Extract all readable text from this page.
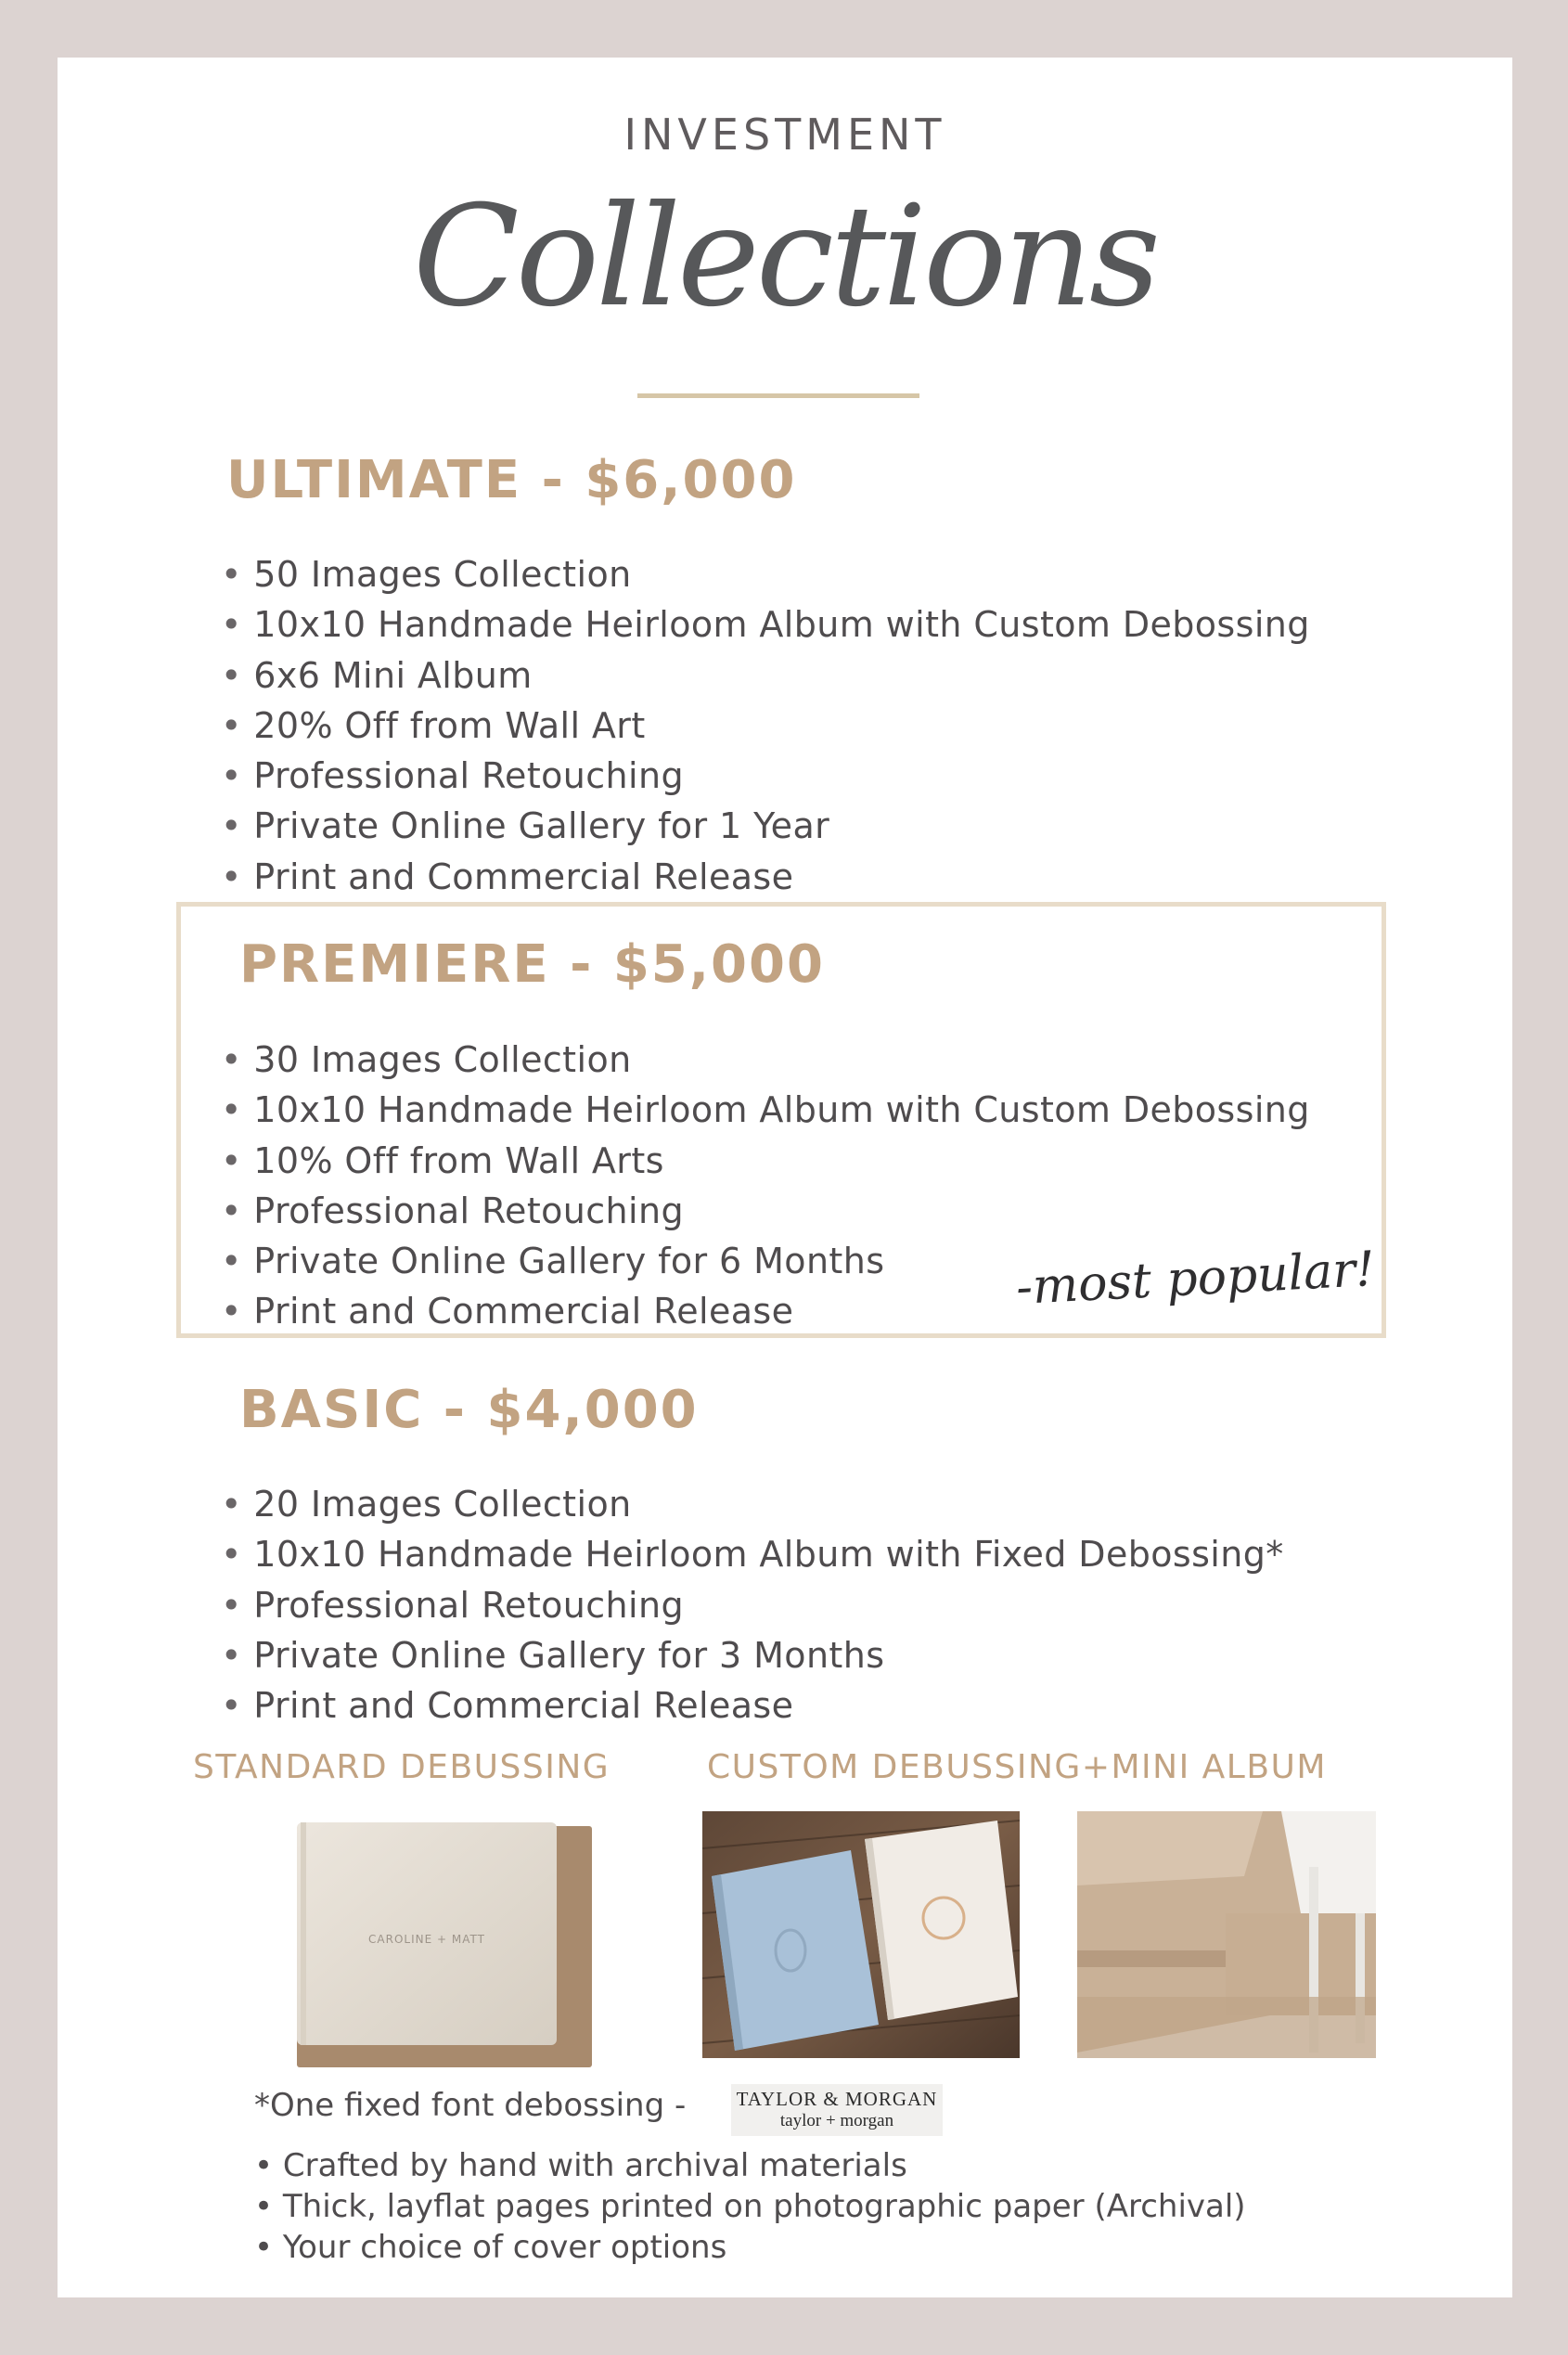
INVESTMENT
Collections
ULTIMATE - $6,000
• 50 Images Collection
• 10x10 Handmade Heirloom Album with Custom Debossing
• 6x6 Mini Album
• 20% Off from Wall Art
• Professional Retouching
• Private Online Gallery for 1 Year
• Print and Commercial Release
PREMIERE - $5,000
• 30 Images Collection
• 10x10 Handmade Heirloom Album with Custom Debossing
• 10% Off from Wall Arts
• Professional Retouching
• Private Online Gallery for 6 Months
• Print and Commercial Release	-most popular!
BASIC - $4,000
• 20 Images Collection
• 10x10 Handmade Heirloom Album with Fixed Debossing*
• Professional Retouching
• Private Online Gallery for 3 Months
• Print and Commercial Release
STANDARD DEBUSSING	CUSTOM DEBUSSING+MINI ALBUM
CAROLINE + MATT
*One fixed font debossing -	TAYLOR & MORGAN
taylor + morgan
• Crafted by hand with archival materials
• Thick, layflat pages printed on photographic paper (Archival)
• Your choice of cover options
